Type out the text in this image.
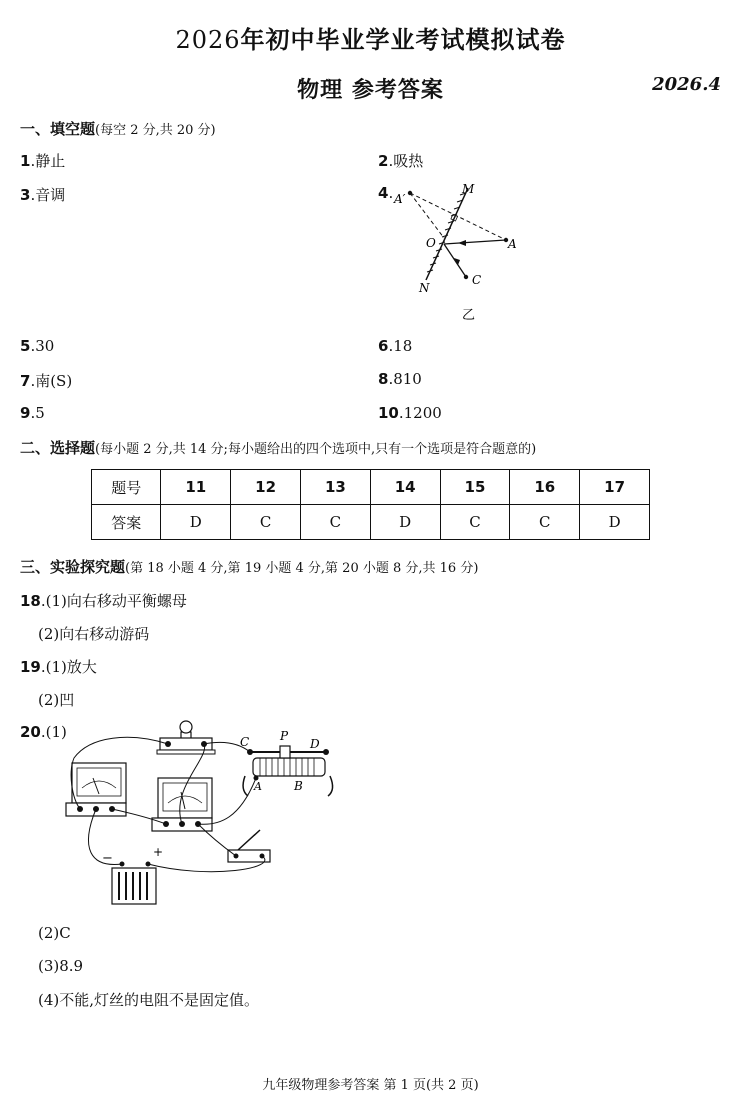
2026年初中毕业学业考试模拟试卷
物理 参考答案	2026.4
一、填空题(每空 2 分,共 20 分)
1.静止	2.吸热
3.音调	4. A′
M
O	A
C
N
乙
5.30	6.18
7.南(S)	8.810
9.5	10.1200
二、选择题(每小题 2 分,共 14 分;每小题给出的四个选项中,只有一个选项是符合题意的)
题号	11	12	13	14	15	16	17
答案	D	C	C	D	C	C	D
三、实验探究题(第 18 小题 4 分,第 19 小题 4 分,第 20 小题 8 分,共 16 分)
18.(1)向右移动平衡螺母
(2)向右移动游码
19.(1)放大
(2)凹
20.(1)
C	P
D
A	B
−	+
(2)C
(3)8.9
(4)不能,灯丝的电阻不是固定值。
九年级物理参考答案 第 1 页(共 2 页)
